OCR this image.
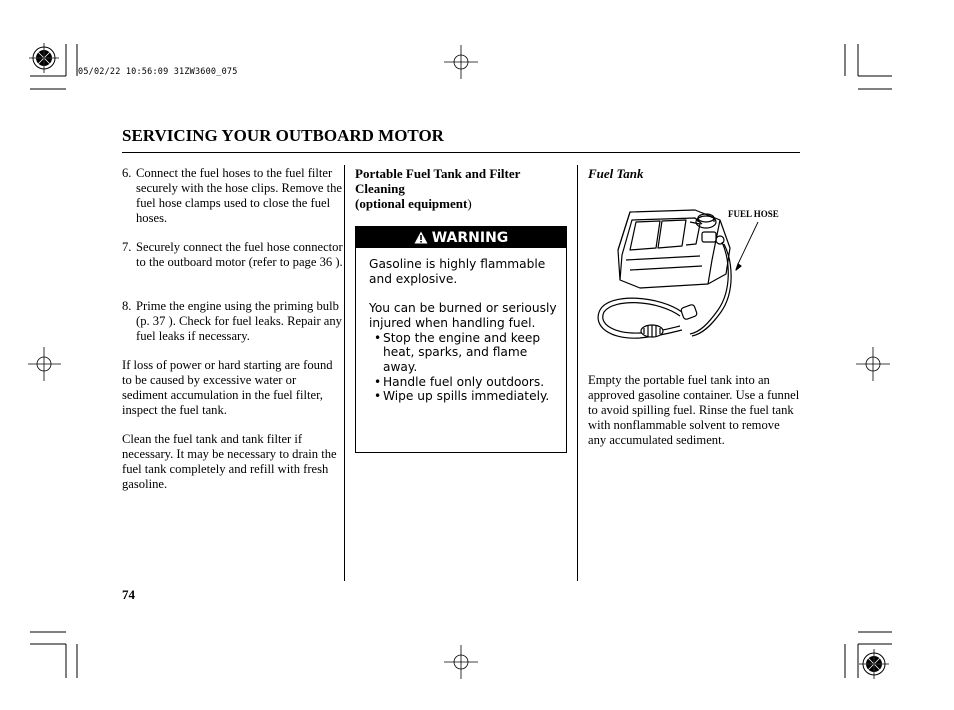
05/02/22 10:56:09 31ZW3600_075
SERVICING YOUR OUTBOARD MOTOR
6. Connect the fuel hoses to the fuel filter securely with the hose clips. Remove the fuel hose clamps used to close the fuel hoses.
7. Securely connect the fuel hose connector to the outboard motor (refer to page 36 ).
8. Prime the engine using the priming bulb (p. 37 ). Check for fuel leaks. Repair any fuel leaks if necessary.
If loss of power or hard starting are found to be caused by excessive water or sediment accumulation in the fuel filter, inspect the fuel tank.
Clean the fuel tank and tank filter if necessary. It may be necessary to drain the fuel tank completely and refill with fresh gasoline.
Portable Fuel Tank and Filter
Cleaning
(optional equipment)
WARNING

Gasoline is highly flammable and explosive.

You can be burned or seriously injured when handling fuel.

• Stop the engine and keep heat, sparks, and flame away.
• Handle fuel only outdoors.
• Wipe up spills immediately.
Fuel Tank
FUEL HOSE
Empty the portable fuel tank into an approved gasoline container. Use a funnel to avoid spilling fuel. Rinse the fuel tank with nonflammable solvent to remove any accumulated sediment.
74
